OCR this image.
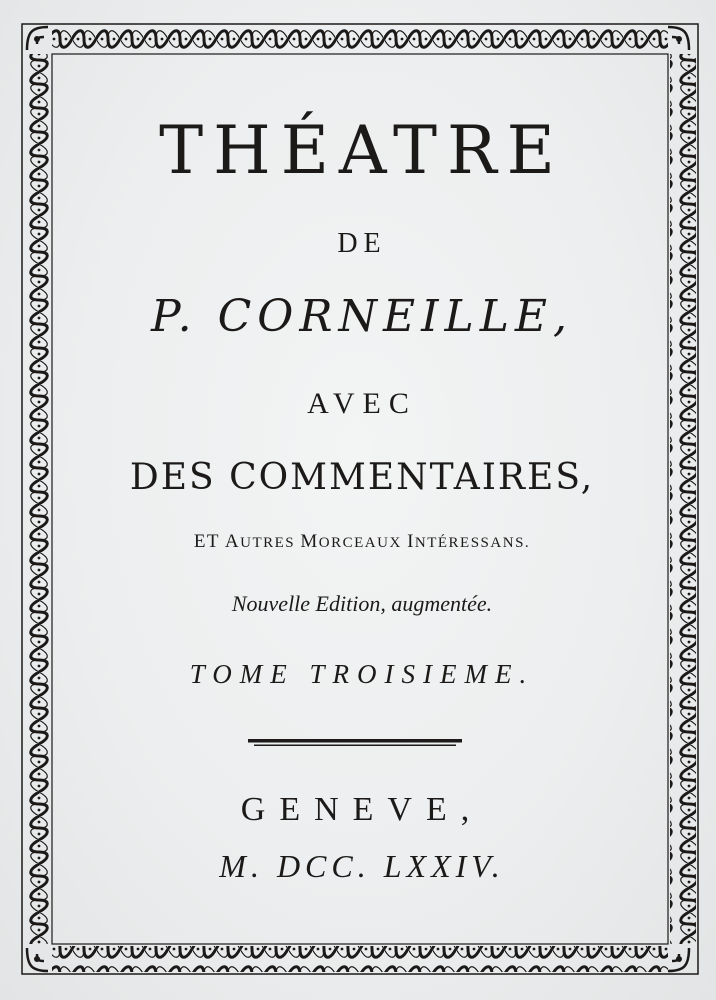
THÉATRE
DE
P. CORNEILLE,
AVEC
DES COMMENTAIRES,
ET AUTRES MORCEAUX INTÉRESSANS.
Nouvelle Edition, augmentée.
TOME TROISIEME.
GENEVE,
M. DCC. LXXIV.
